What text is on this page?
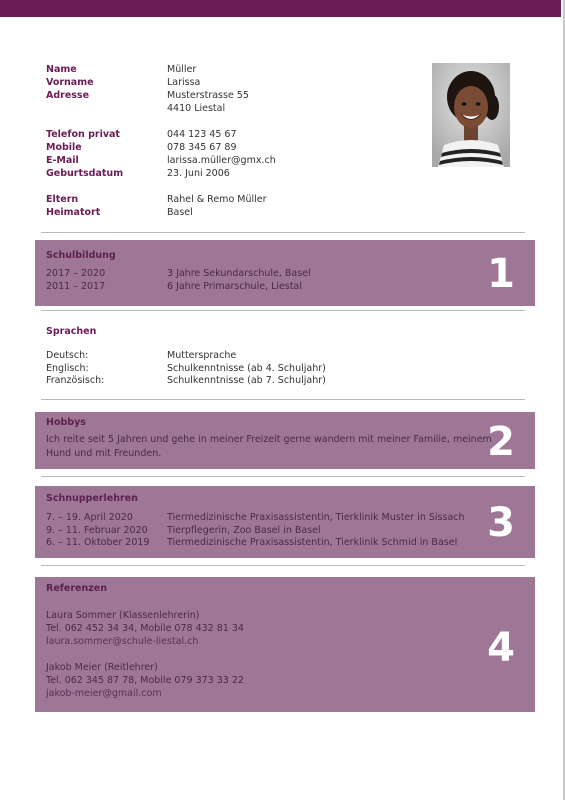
Name	Müller
Vorname	Larissa
Adresse	Musterstrasse 55
4410 Liestal
Telefon privat	044 123 45 67
Mobile	078 345 67 89
E-Mail	larissa.müller@gmx.ch
Geburtsdatum	23. Juni 2006
Eltern	Rahel & Remo Müller
Heimatort	Basel
Schulbildung
2017 – 2020	3 Jahre Sekundarschule, Basel
2011 – 2017	6 Jahre Primarschule, Liestal	1
Sprachen
Deutsch:	Muttersprache
Englisch:	Schulkenntnisse (ab 4. Schuljahr)
Französisch:	Schulkenntnisse (ab 7. Schuljahr)
Hobbys
Ich reite seit 5 Jahren und gehe in meiner Freizeit gerne wandern mit meiner Familie, meinem Hund und mit Freunden.	2
Schnupperlehren
7. – 19. April 2020	Tiermedizinische Praxisassistentin, Tierklinik Muster in Sissach
9. – 11. Februar 2020	Tierpflegerin, Zoo Basel in Basel
6. – 11. Oktober 2019	Tiermedizinische Praxisassistentin, Tierklinik Schmid in Basel 3
Referenzen
Laura Sommer (Klassenlehrerin)
Tel. 062 452 34 34, Mobile 078 432 81 34
laura.sommer@schule-liestal.ch
Jakob Meier (Reitlehrer)
Tel. 062 345 87 78, Mobile 079 373 33 22
jakob-meier@gmail.com
4
